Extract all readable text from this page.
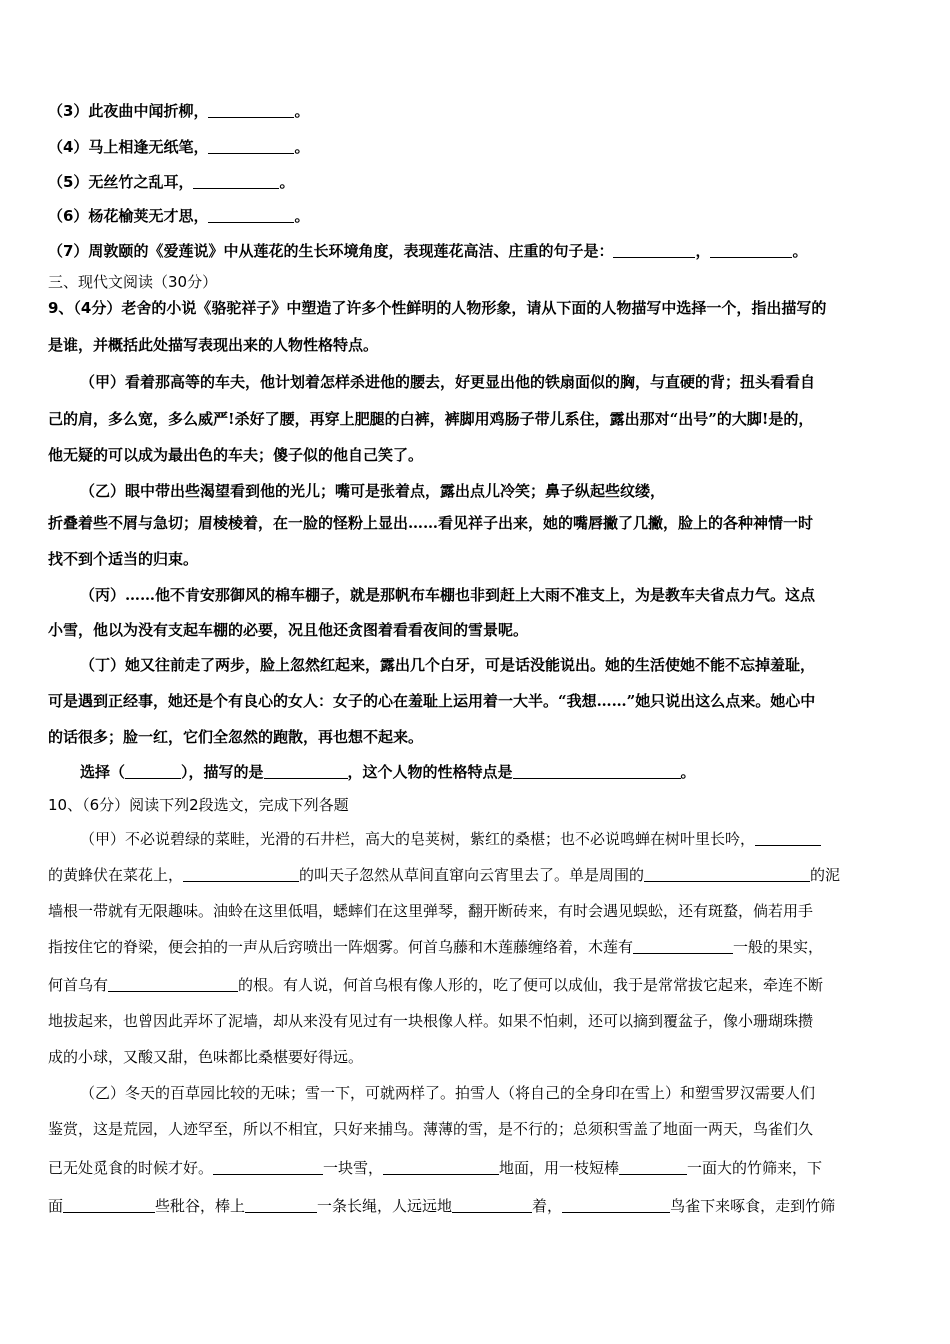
（3）此夜曲中闻折柳，	。
（4）马上相逢无纸笔，	。
（5）无丝竹之乱耳，	。
（6）杨花榆荚无才思，	。
（7）周敦颐的《爱莲说》中从莲花的生长环境角度，表现莲花高洁、庄重的句子是：	，	。
三、现代文阅读（30分）
9、（4分）老舍的小说《骆驼祥子》中塑造了许多个性鲜明的人物形象，请从下面的人物描写中选择一个，指出描写的
是谁，并概括此处描写表现出来的人物性格特点。
（甲）看着那高等的车夫，他计划着怎样杀进他的腰去，好更显出他的铁扇面似的胸，与直硬的背；扭头看看自
己的肩，多么宽，多么威严!杀好了腰，再穿上肥腿的白裤，裤脚用鸡肠子带儿系住，露出那对“出号”的大脚!是的，
他无疑的可以成为最出色的车夫；傻子似的他自己笑了。
（乙）眼中带出些渴望看到他的光儿；嘴可是张着点，露出点儿冷笑；鼻子纵起些纹缕，
折叠着些不屑与急切；眉棱棱着，在一脸的怪粉上显出……看见祥子出来，她的嘴唇撇了几撇，脸上的各种神情一时
找不到个适当的归束。
（丙）……他不肯安那御风的棉车棚子，就是那帆布车棚也非到赶上大雨不准支上，为是教车夫省点力气。这点
小雪，他以为没有支起车棚的必要，况且他还贪图着看看夜间的雪景呢。
（丁）她又往前走了两步，脸上忽然红起来，露出几个白牙，可是话没能说出。她的生活使她不能不忘掉羞耻，
可是遇到正经事，她还是个有良心的女人：女子的心在羞耻上运用着一大半。“我想……”她只说出这么点来。她心中
的话很多；脸一红，它们全忽然的跑散，再也想不起来。
选择（	），描写的是	，这个人物的性格特点是	。
10、（6分）阅读下列2段选文，完成下列各题
（甲）不必说碧绿的菜畦，光滑的石井栏，高大的皂荚树，紫红的桑椹；也不必说鸣蝉在树叶里长吟，
的黄蜂伏在菜花上，	的叫天子忽然从草间直窜向云宵里去了。单是周围的	的泥
墙根一带就有无限趣味。油蛉在这里低唱，蟋蟀们在这里弹琴，翻开断砖来，有时会遇见蜈蚣，还有斑蝥，倘若用手
指按住它的脊梁，便会拍的一声从后窍喷出一阵烟雾。何首乌藤和木莲藤缠络着，木莲有	一般的果实，
何首乌有	的根。有人说，何首乌根有像人形的，吃了便可以成仙，我于是常常拔它起来，牵连不断
地拔起来，也曾因此弄坏了泥墙，却从来没有见过有一块根像人样。如果不怕刺，还可以摘到覆盆子，像小珊瑚珠攒
成的小球，又酸又甜，色味都比桑椹要好得远。
（乙）冬天的百草园比较的无味；雪一下，可就两样了。拍雪人（将自己的全身印在雪上）和塑雪罗汉需要人们
鉴赏，这是荒园，人迹罕至，所以不相宜，只好来捕鸟。薄薄的雪，是不行的；总须积雪盖了地面一两天，鸟雀们久
已无处觅食的时候才好。	一块雪，	地面，用一枝短棒	一面大的竹筛来，下
面	些秕谷，棒上	一条长绳，人远远地	着，	鸟雀下来啄食，走到竹筛
